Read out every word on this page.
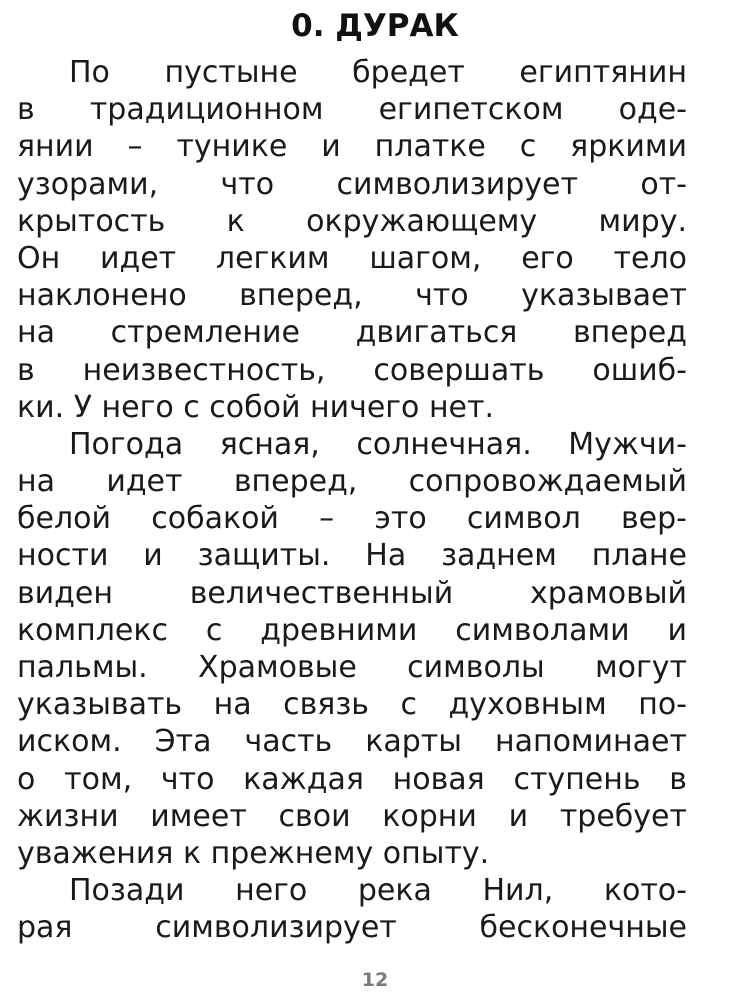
0. ДУРАК
По пустыне бредет египтянин
в традиционном египетском оде-
янии – тунике и платке с яркими
узорами, что символизирует от-
крытость к окружающему миру.
Он идет легким шагом, его тело
наклонено вперед, что указывает
на стремление двигаться вперед
в неизвестность, совершать ошиб-
ки. У него с собой ничего нет.
Погода ясная, солнечная. Мужчи-
на идет вперед, сопровождаемый
белой собакой – это символ вер-
ности и защиты. На заднем плане
виден величественный храмовый
комплекс с древними символами и
пальмы. Храмовые символы могут
указывать на связь с духовным по-
иском. Эта часть карты напоминает
о том, что каждая новая ступень в
жизни имеет свои корни и требует
уважения к прежнему опыту.
Позади него река Нил, кото-
рая символизирует бесконечные
12
